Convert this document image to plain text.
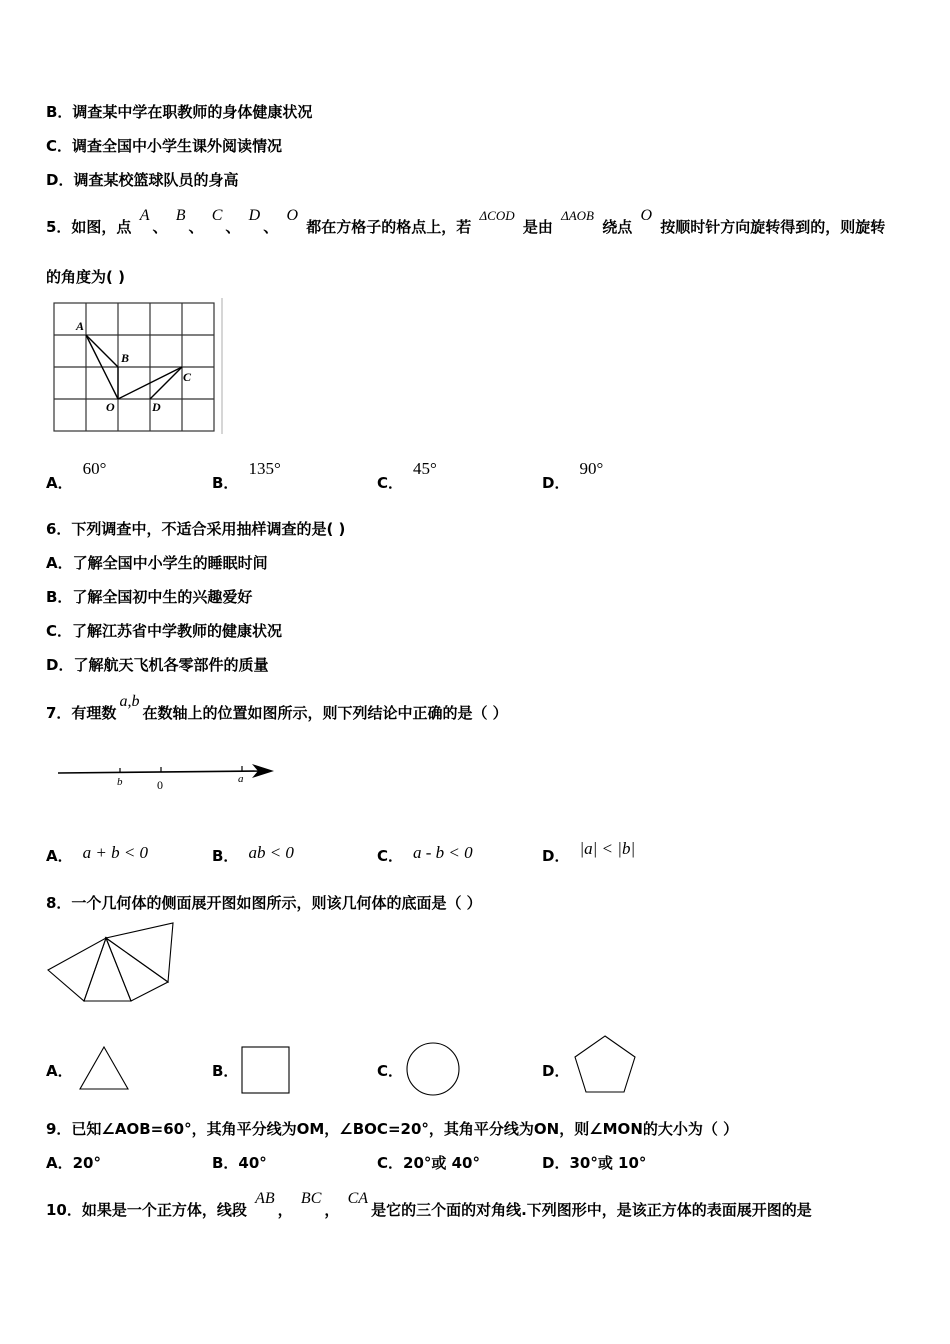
B．调查某中学在职教师的身体健康状况
C．调查全国中小学生课外阅读情况
D．调查某校篮球队员的身高
5．如图，点 A、 B、 C、 D、 O 都在方格子的格点上，若 ΔCOD 是由 ΔAOB 绕点 O 按顺时针方向旋转得到的，则旋转
的角度为( )
A
B
C
O	D
A．60°
B．135°
C．45°
D．90°
6．下列调查中，不适合采用抽样调查的是( )
A．了解全国中小学生的睡眠时间
B．了解全国初中生的兴趣爱好
C．了解江苏省中学教师的健康状况
D．了解航天飞机各零部件的质量
7．有理数a,b在数轴上的位置如图所示，则下列结论中正确的是（ ）
b	0	a
A． a + b < 0	B． ab < 0	C． a - b < 0	D． |a| < |b|
8．一个几何体的侧面展开图如图所示，则该几何体的底面是（ ）
A．	B．	C．	D．
9．已知∠AOB=60°，其角平分线为OM，∠BOC=20°，其角平分线为ON，则∠MON的大小为（ ）
A．20°	B．40°	C．20°或 40°	D．30°或 10°
10．如果是一个正方体，线段 AB， BC， CA是它的三个面的对角线.下列图形中，是该正方体的表面展开图的是
